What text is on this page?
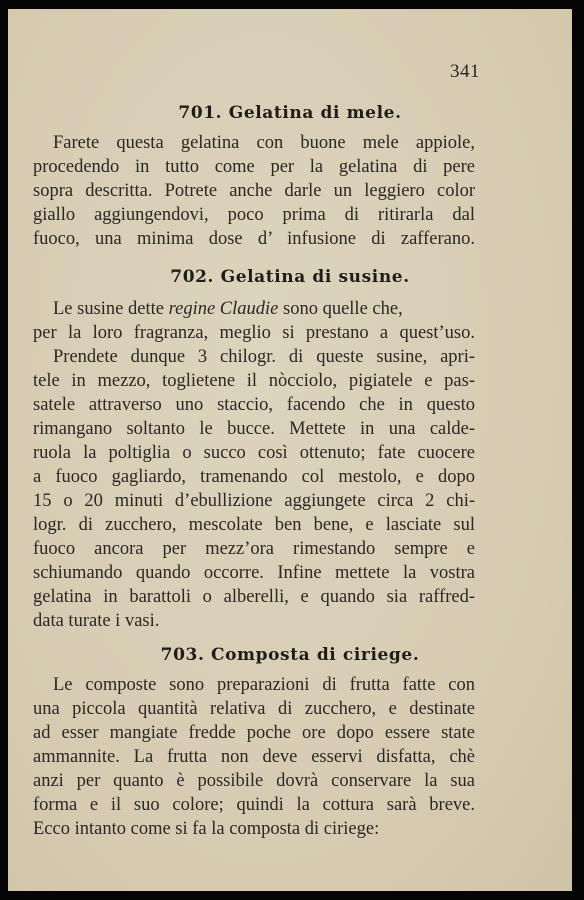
341
701. Gelatina di mele.
Farete questa gelatina con buone mele appiole,
procedendo in tutto come per la gelatina di pere
sopra descritta. Potrete anche darle un leggiero color
giallo aggiungendovi, poco prima di ritirarla dal
fuoco, una minima dose d’ infusione di zafferano.
702. Gelatina di susine.
Le susine dette regine Claudie sono quelle che,
per la loro fragranza, meglio si prestano a quest’uso.
Prendete dunque 3 chilogr. di queste susine, apri-
tele in mezzo, toglietene il nòcciolo, pigiatele e pas-
satele attraverso uno staccio, facendo che in questo
rimangano soltanto le bucce. Mettete in una calde-
ruola la poltiglia o succo così ottenuto; fate cuocere
a fuoco gagliardo, tramenando col mestolo, e dopo
15 o 20 minuti d’ebullizione aggiungete circa 2 chi-
logr. di zucchero, mescolate ben bene, e lasciate sul
fuoco ancora per mezz’ora rimestando sempre e
schiumando quando occorre. Infine mettete la vostra
gelatina in barattoli o alberelli, e quando sia raffred-
data turate i vasi.
703. Composta di ciriege.
Le composte sono preparazioni di frutta fatte con
una piccola quantità relativa di zucchero, e destinate
ad esser mangiate fredde poche ore dopo essere state
ammannite. La frutta non deve esservi disfatta, chè
anzi per quanto è possibile dovrà conservare la sua
forma e il suo colore; quindi la cottura sarà breve.
Ecco intanto come si fa la composta di ciriege:
